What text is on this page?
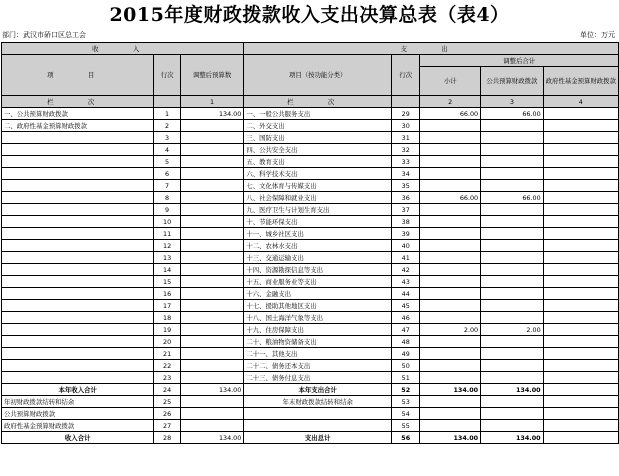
2015年度财政拨款收入支出决算总表（表4）
部门：武汉市硚口区总工会	单位：万元
收　入			支　出				
项　目	行次	调整后预算数	项目（按功能分类）	行次	调整后合计		
					小计	公共预算财政拨款	政府性基金预算财政拨款
栏　次		1	栏　次		2	3	4
一、公共预算财政拨款	1	134.00	一、一般公共服务支出	29	66.00	66.00	
二、政府性基金预算财政拨款	2		二、外交支出	30			
	3		三、国防支出	31			
	4		四、公共安全支出	32			
	5		五、教育支出	33			
	6		六、科学技术支出	34			
	7		七、文化体育与传媒支出	35			
	8		八、社会保障和就业支出	36	66.00	66.00	
	9		九、医疗卫生与计划生育支出	37			
	10		十、节能环保支出	38			
	11		十一、城乡社区支出	39			
	12		十二、农林水支出	40			
	13		十三、交通运输支出	41			
	14		十四、资源勘探信息等支出	42			
	15		十五、商业服务业等支出	43			
	16		十六、金融支出	44			
	17		十七、援助其他地区支出	45			
	18		十八、国土海洋气象等支出	46			
	19		十九、住房保障支出	47	2.00	2.00	
	20		二十、粮油物资储备支出	48			
	21		二十一、其他支出	49			
	22		二十二、债务还本支出	50			
	23		二十三、债务付息支出	51			
本年收入合计	24	134.00	本年支出合计	52	134.00	134.00	
年初财政拨款结转和结余	25		年末财政拨款结转和结余	53			
公共预算财政拨款	26			54			
政府性基金预算财政拨款	27			55			
收入合计	28	134.00	支出总计	56	134.00	134.00	
